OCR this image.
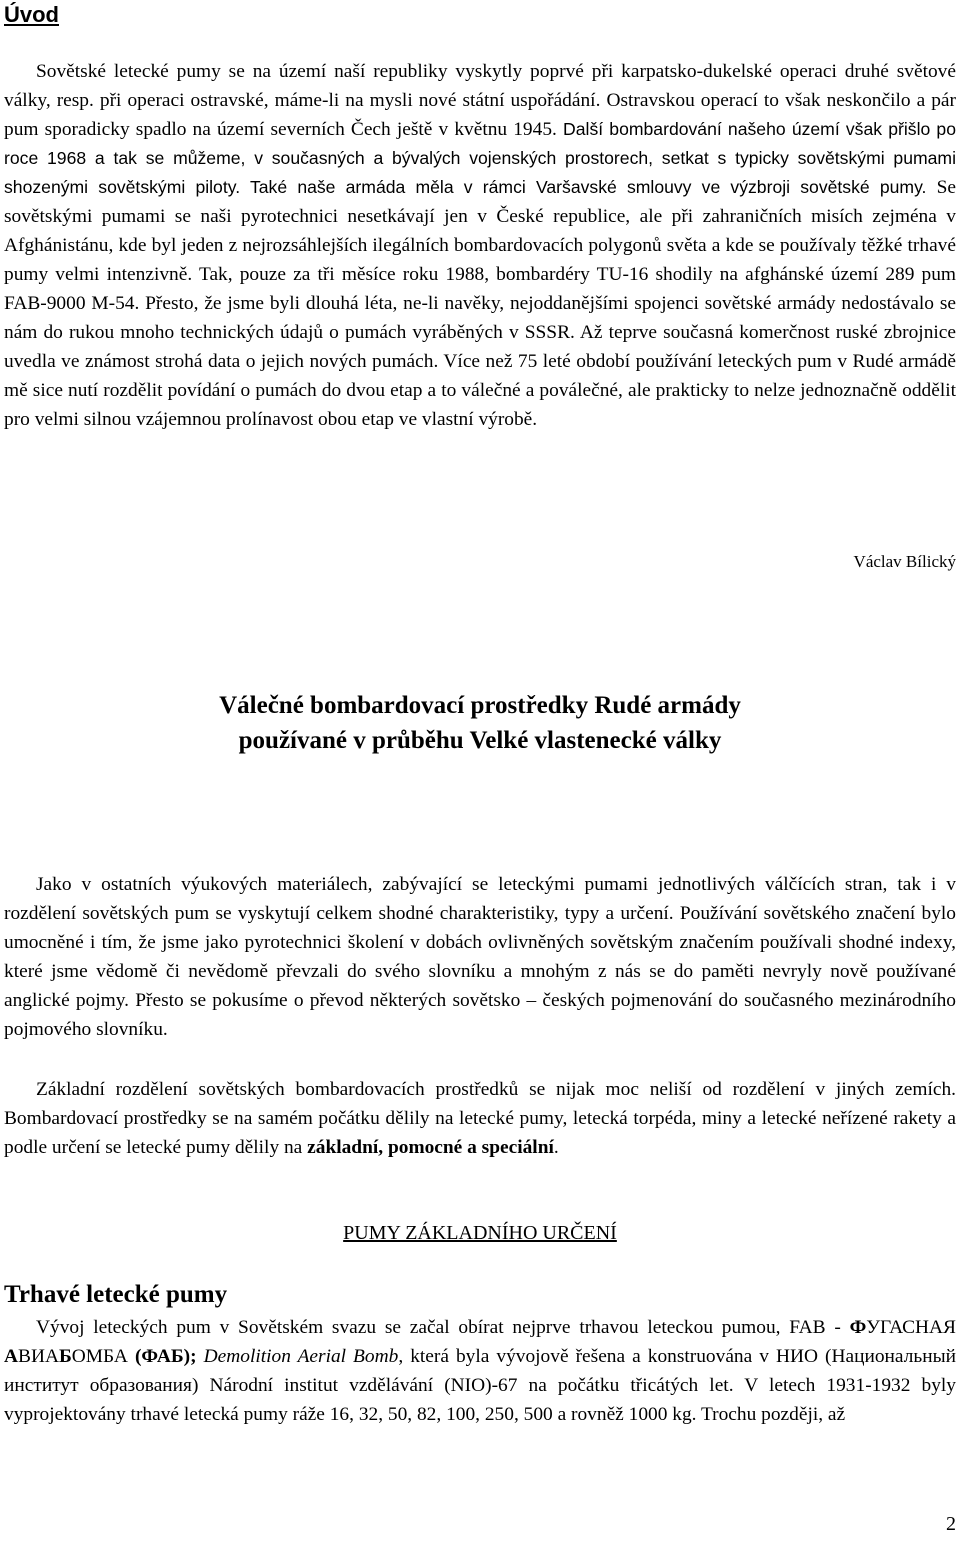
Úvod

Sovětské letecké pumy se na území naší republiky vyskytly poprvé při karpatsko-dukelské operaci druhé světové války, resp. při operaci ostravské, máme-li na mysli nové státní uspořádání. Ostravskou operací to však neskončilo a pár pum sporadicky spadlo na území severních Čech ještě v květnu 1945. Další bombardování našeho území však přišlo po roce 1968 a tak se můžeme, v současných a bývalých vojenských prostorech, setkat s typicky sovětskými pumami shozenými sovětskými piloty. Také naše armáda měla v rámci Varšavské smlouvy ve výzbroji sovětské pumy. Se sovětskými pumami se naši pyrotechnici nesetkávají jen v České republice, ale při zahraničních misích zejména v Afghánistánu, kde byl jeden z nejrozsáhlejších ilegálních bombardovacích polygonů světa a kde se používaly těžké trhavé pumy velmi intenzivně. Tak, pouze za tři měsíce roku 1988, bombardéry TU-16 shodily na afghánské území 289 pum FAB-9000 M-54. Přesto, že jsme byli dlouhá léta, ne-li navěky, nejoddanějšími spojenci sovětské armády nedostávalo se nám do rukou mnoho technických údajů o pumách vyráběných v SSSR. Až teprve současná komerčnost ruské zbrojnice uvedla ve známost strohá data o jejich nových pumách. Více než 75 leté období používání leteckých pum v Rudé armádě mě sice nutí rozdělit povídání o pumách do dvou etap a to válečné a poválečné, ale prakticky to nelze jednoznačně oddělit pro velmi silnou vzájemnou prolínavost obou etap ve vlastní výrobě.

Václav Bílický
Válečné bombardovací prostředky Rudé armády
používané v průběhu Velké vlastenecké války

Jako v ostatních výukových materiálech, zabývající se leteckými pumami jednotlivých válčících stran, tak i v rozdělení sovětských pum se vyskytují celkem shodné charakteristiky, typy a určení. Používání sovětského značení bylo umocněné i tím, že jsme jako pyrotechnici školení v dobách ovlivněných sovětským značením používali shodné indexy, které jsme vědomě či nevědomě převzali do svého slovníku a mnohým z nás se do paměti nevryly nově používané anglické pojmy. Přesto se pokusíme o převod některých sovětsko – českých pojmenování do současného mezinárodního pojmového slovníku.

Základní rozdělení sovětských bombardovacích prostředků se nijak moc neliší od rozdělení v jiných zemích. Bombardovací prostředky se na samém počátku dělily na letecké pumy, letecká torpéda, miny a letecké neřízené rakety a podle určení se letecké pumy dělily na základní, pomocné a speciální.

PUMY ZÁKLADNÍHO URČENÍ
Trhavé letecké pumy

Vývoj leteckých pum v Sovětském svazu se začal obírat nejprve trhavou leteckou pumou, FAB - ФУГАСНАЯ АВИАБОМБА (ФАБ); Demolition Aerial Bomb, která byla vývojově řešena a konstruována v НИО (Национальный институт образования) Národní institut vzdělávání (NIO)-67 na počátku třicátých let. V letech 1931-1932 byly vyprojektovány trhavé letecká pumy ráže 16, 32, 50, 82, 100, 250, 500 a rovněž 1000 kg. Trochu později, až

2
